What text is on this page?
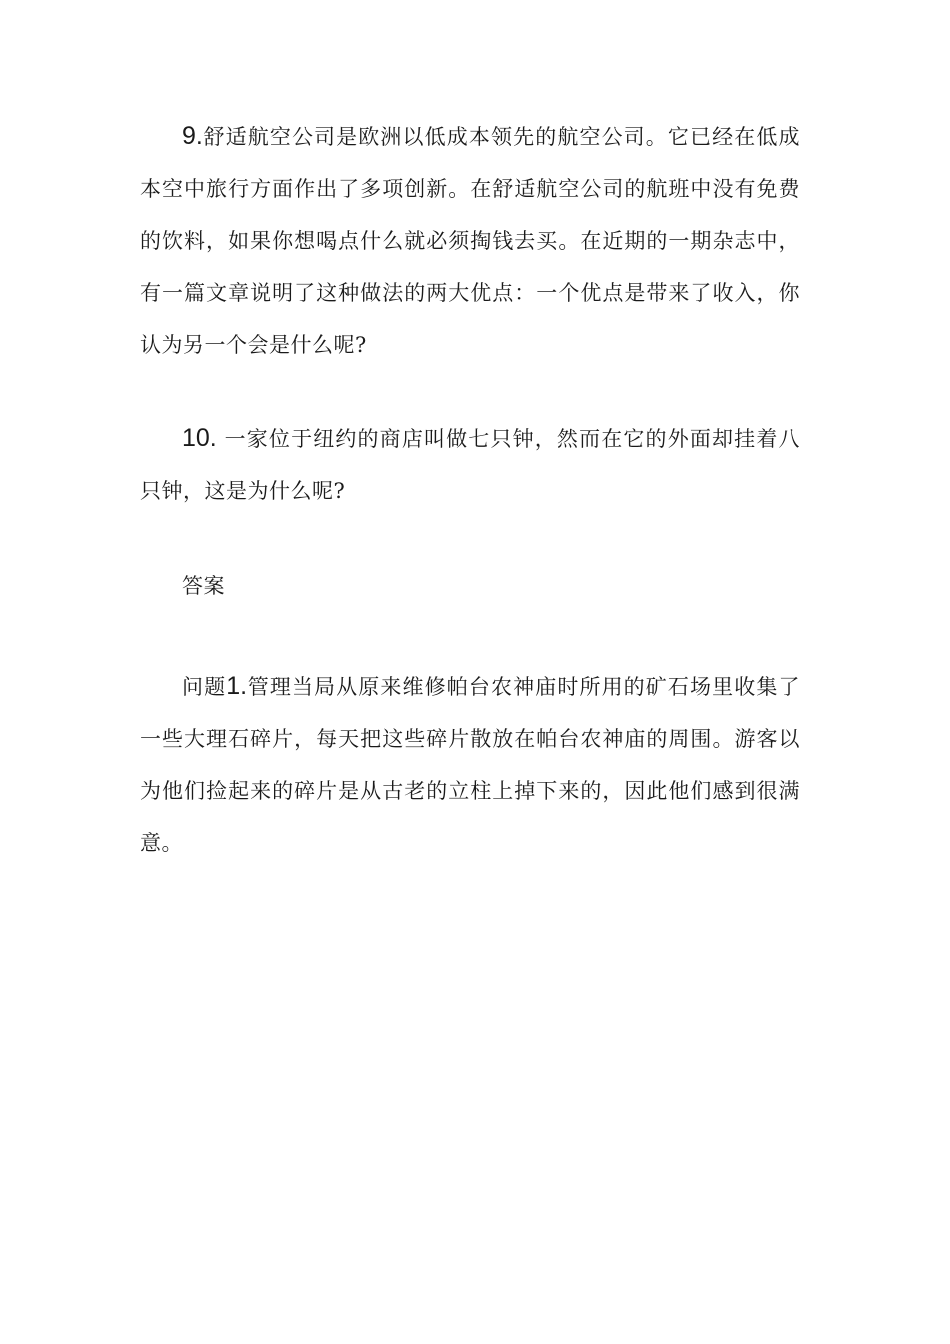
9.舒适航空公司是欧洲以低成本领先的航空公司。它已经在低成本空中旅行方面作出了多项创新。在舒适航空公司的航班中没有免费的饮料，如果你想喝点什么就必须掏钱去买。在近期的一期杂志中，有一篇文章说明了这种做法的两大优点：一个优点是带来了收入，你认为另一个会是什么呢?

10. 一家位于纽约的商店叫做七只钟，然而在它的外面却挂着八只钟，这是为什么呢?

答案

问题1.管理当局从原来维修帕台农神庙时所用的矿石场里收集了一些大理石碎片，每天把这些碎片散放在帕台农神庙的周围。游客以为他们捡起来的碎片是从古老的立柱上掉下来的，因此他们感到很满意。
